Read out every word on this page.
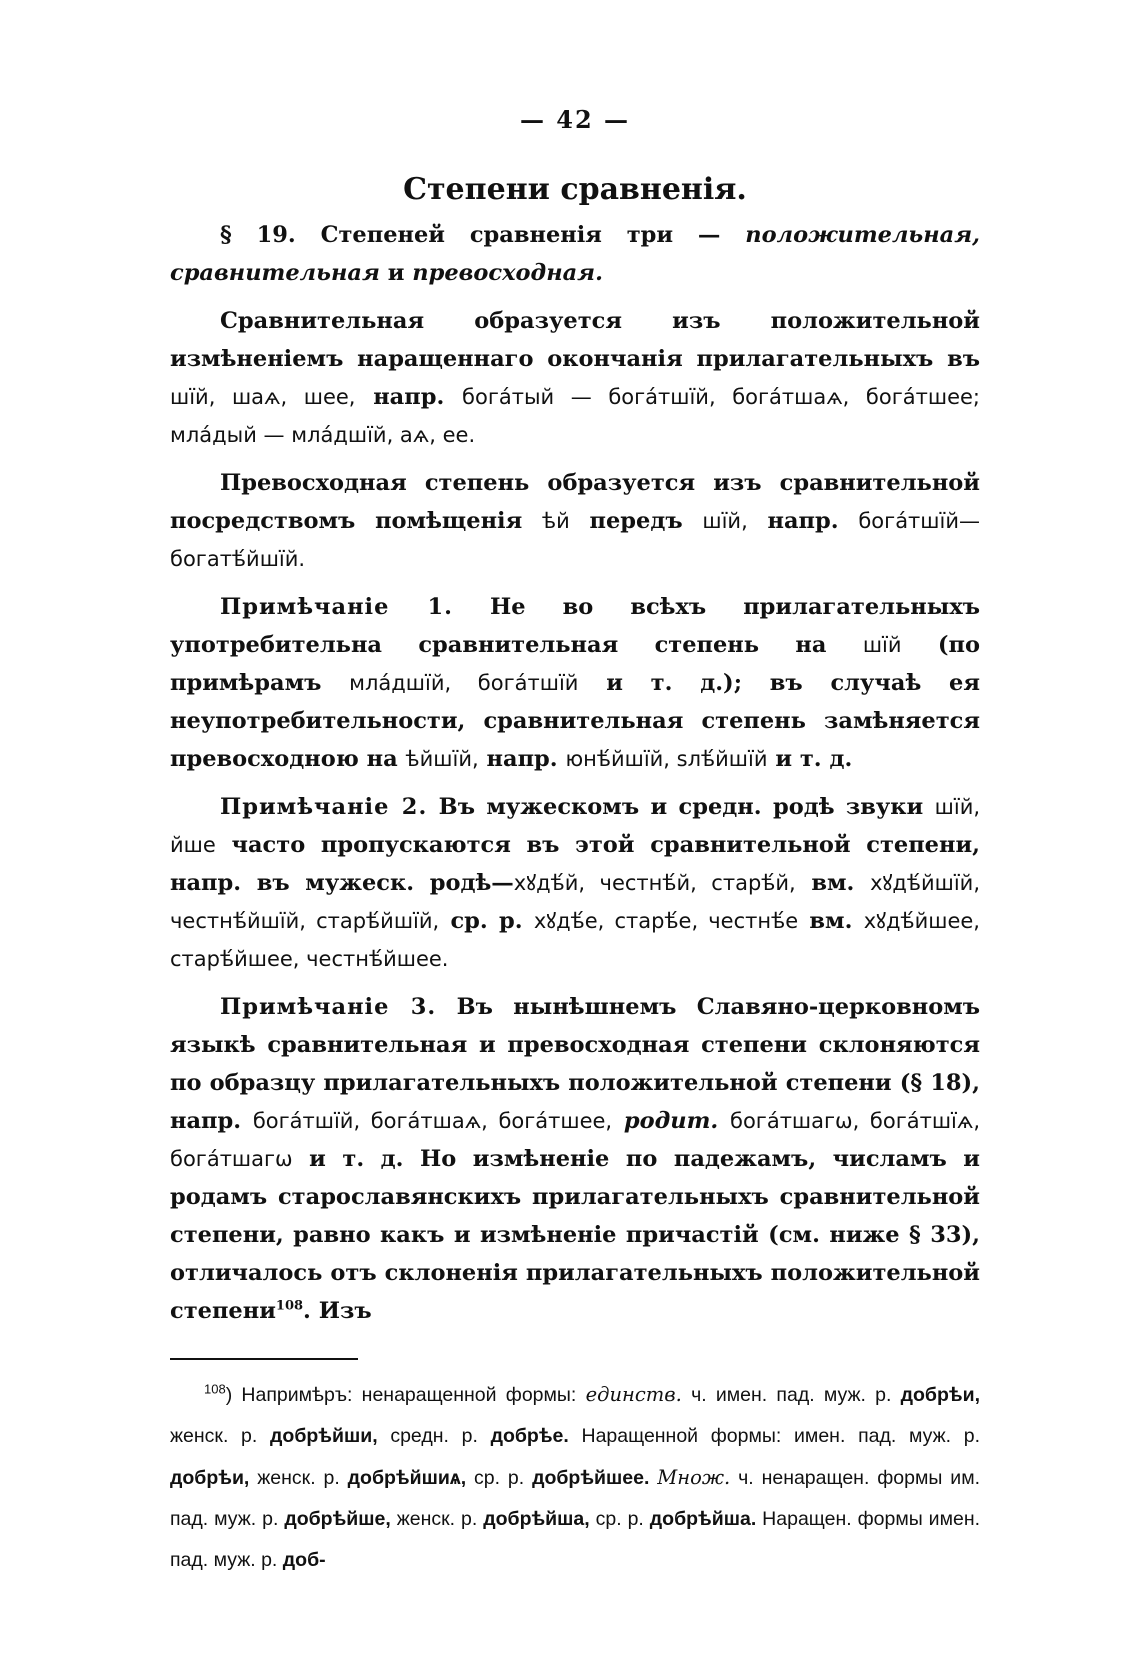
— 42 —
Степени сравненія.

§ 19. Степеней сравненія три — положительная, сравнительная и превосходная.

Сравнительная образуется изъ положительной измѣненіемъ наращеннаго окончанія прилагательныхъ въ шїй, шаѧ, шее, напр. бога́тый — бога́тшїй, бога́тшаѧ, бога́тшее; мла́дый — мла́дшїй, аѧ, ее.

Превосходная степень образуется изъ сравнительной посредствомъ помѣщенія ѣй передъ шїй, напр. бога́тшїй—богатѣ́йшїй.

Примѣчаніе 1. Не во всѣхъ прилагательныхъ употребительна сравнительная степень на шїй (по примѣрамъ мла́дшїй, бога́тшїй и т. д.); въ случаѣ ея неупотребительности, сравнительная степень замѣняется превосходною на ѣйшїй, напр. юнѣ́йшїй, ѕлѣ́йшїй и т. д.

Примѣчаніе 2. Въ мужескомъ и средн. родѣ звуки шїй, йше часто пропускаются въ этой сравнительной степени, напр. въ мужеск. родѣ—хꙋдѣ́й, честнѣ́й, старѣ́й, вм. хꙋдѣ́йшїй, честнѣ́йшїй, старѣ́йшїй, ср. р. хꙋдѣ́е, старѣ́е, честнѣ́е вм. хꙋдѣ́йшее, старѣ́йшее, честнѣ́йшее.

Примѣчаніе 3. Въ нынѣшнемъ Славяно-церковномъ языкѣ сравнительная и превосходная степени склоняются по образцу прилагательныхъ положительной степени (§ 18), напр. бога́тшїй, бога́тшаѧ, бога́тшее, родит. бога́тшагѡ, бога́тшїѧ, бога́тшагѡ и т. д. Но измѣненіе по падежамъ, числамъ и родамъ старославянскихъ прилагательныхъ сравнительной степени, равно какъ и измѣненіе причастій (см. ниже § 33), отличалось отъ склоненія прилагательныхъ положительной степени$^{108}$. Изъ

$^{108}$) Напримѣръ: ненаращенной формы: единств. ч. имен. пад. муж. р. добрѣи, женск. р. добрѣйши, средн. р. добрѣе. Наращенной формы: имен. пад. муж. р. добрѣи, женск. р. добрѣйшиѧ, ср. р. добрѣйшее. Множ. ч. ненаращен. формы им. пад. муж. р. добрѣйше, женск. р. добрѣйша, ср. р. добрѣйша. Наращен. формы имен. пад. муж. р. доб-
